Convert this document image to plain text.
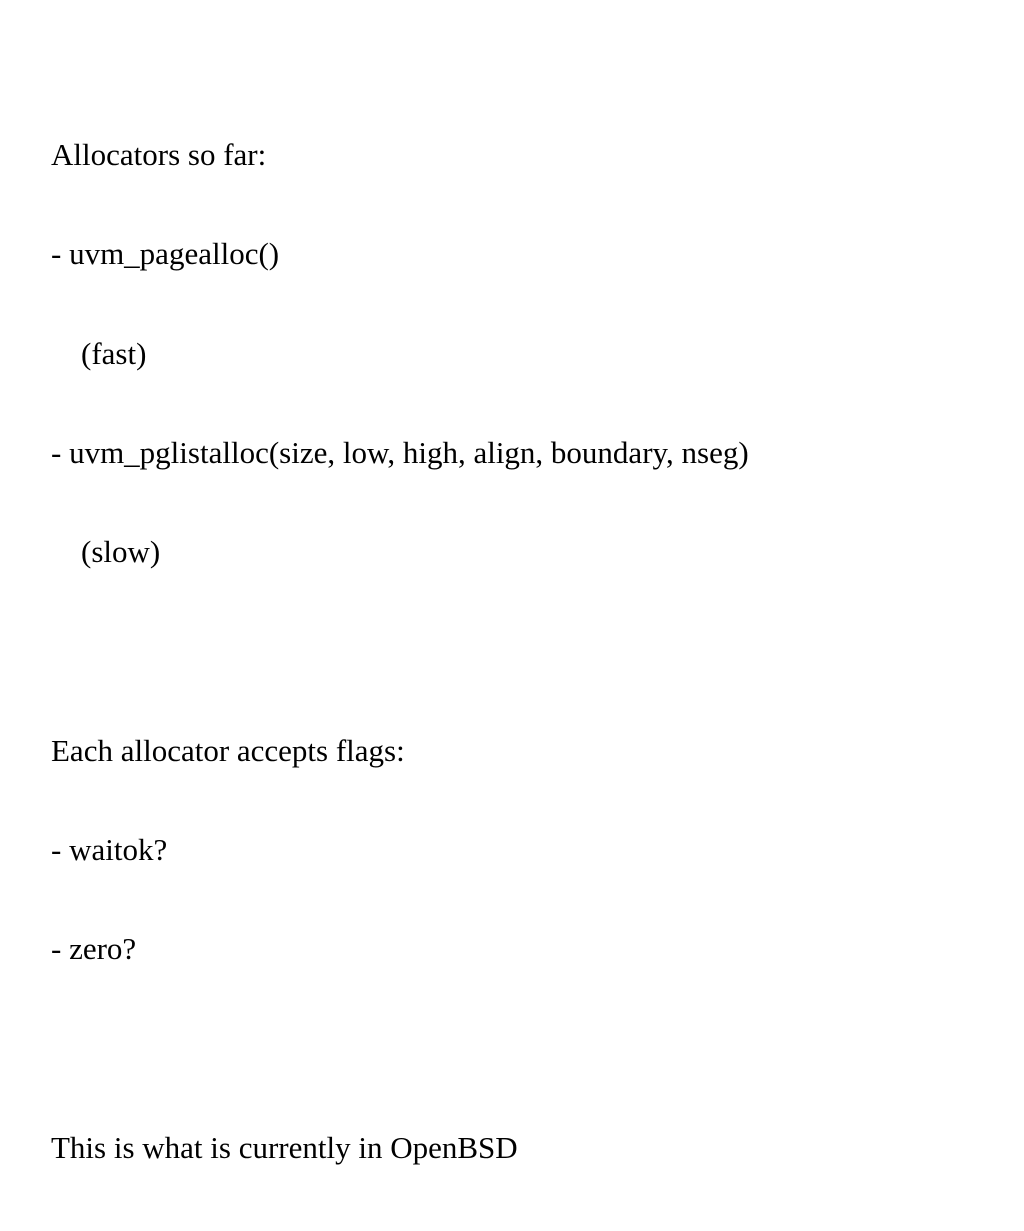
Allocators so far:

- uvm_pagealloc()

(fast)

- uvm_pglistalloc(size, low, high, align, boundary, nseg)

(slow)

Each allocator accepts flags:

- waitok?

- zero?

This is what is currently in OpenBSD
